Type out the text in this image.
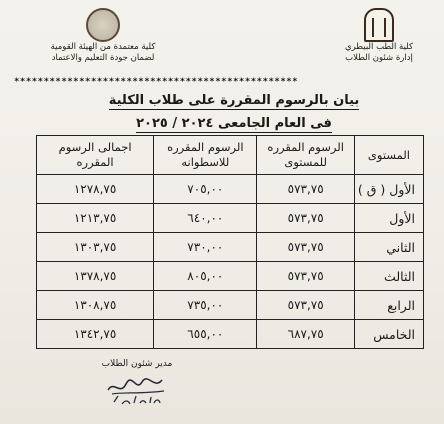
كلية الطب البيطري
إدارة شئون الطلاب
كلية معتمدة من الهيئة القومية
لضمان جودة التعليم والاعتماد
************************************************
بيان بالرسوم المقررة على طلاب الكلية
فى العام الجامعى ٢٠٢٤ / ٢٠٢٥
المستوى	الرسوم المقرره للمستوى	الرسوم المقرره للاسطوانه	اجمالى الرسوم المقرره
الأول ( ق )	٥٧٣,٧٥	٧٠٥,٠٠	١٢٧٨,٧٥
الأول	٥٧٣,٧٥	٦٤٠,٠٠	١٢١٣,٧٥
الثاني	٥٧٣,٧٥	٧٣٠,٠٠	١٣٠٣,٧٥
الثالث	٥٧٣,٧٥	٨٠٥,٠٠	١٣٧٨,٧٥
الرابع	٥٧٣,٧٥	٧٣٥,٠٠	١٣٠٨,٧٥
الخامس	٦٨٧,٧٥	٦٥٥,٠٠	١٣٤٢,٧٥
مدير شئون الطلاب
